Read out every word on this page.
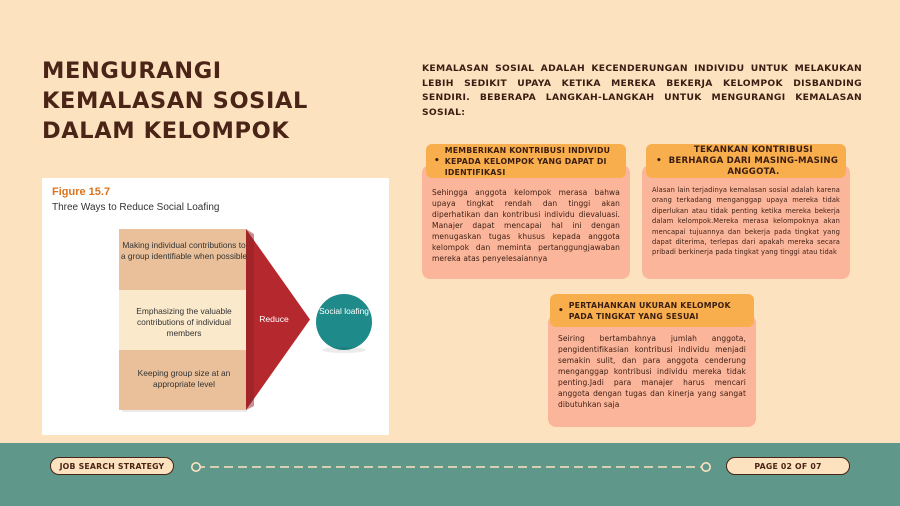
MENGURANGI
KEMALASAN SOSIAL
DALAM KELOMPOK
KEMALASAN SOSIAL ADALAH KECENDERUNGAN INDIVIDU UNTUK MELAKUKAN LEBIH SEDIKIT UPAYA KETIKA MEREKA BEKERJA KELOMPOK DISBANDING SENDIRI. BEBERAPA LANGKAH-LANGKAH UNTUK MENGURANGI KEMALASAN SOSIAL:
Figure 15.7
Three Ways to Reduce Social Loafing
Making individual contributions to a group identifiable when possible
Emphasizing the valuable contributions of individual members
Keeping group size at an appropriate level
Reduce
Social loafing
Sehingga anggota kelompok merasa bahwa upaya tingkat rendah dan tinggi akan diperhatikan dan kontribusi individu dievaluasi. Manajer dapat mencapai hal ini dengan menugaskan tugas khusus kepada anggota kelompok dan meminta pertanggungjawaban mereka atas penyelesaiannya
•
MEMBERIKAN KONTRIBUSI INDIVIDU KEPADA KELOMPOK YANG DAPAT DI IDENTIFIKASI
Alasan lain terjadinya kemalasan sosial adalah karena orang terkadang menganggap upaya mereka tidak diperlukan atau tidak penting ketika mereka bekerja dalam kelompok.Mereka merasa kelompoknya akan mencapai tujuannya dan bekerja pada tingkat yang dapat diterima, terlepas dari apakah mereka secara pribadi berkinerja pada tingkat yang tinggi atau tidak
•
TEKANKAN KONTRIBUSI BERHARGA DARI MASING-MASING ANGGOTA.
Seiring bertambahnya jumlah anggota, pengidentifikasian kontribusi individu menjadi semakin sulit, dan para anggota cenderung menganggap kontribusi individu mereka tidak penting.Jadi para manajer harus mencari anggota dengan tugas dan kinerja yang sangat dibutuhkan saja
•
PERTAHANKAN UKURAN KELOMPOK PADA TINGKAT YANG SESUAI
JOB SEARCH STRATEGY	PAGE 02 OF 07
